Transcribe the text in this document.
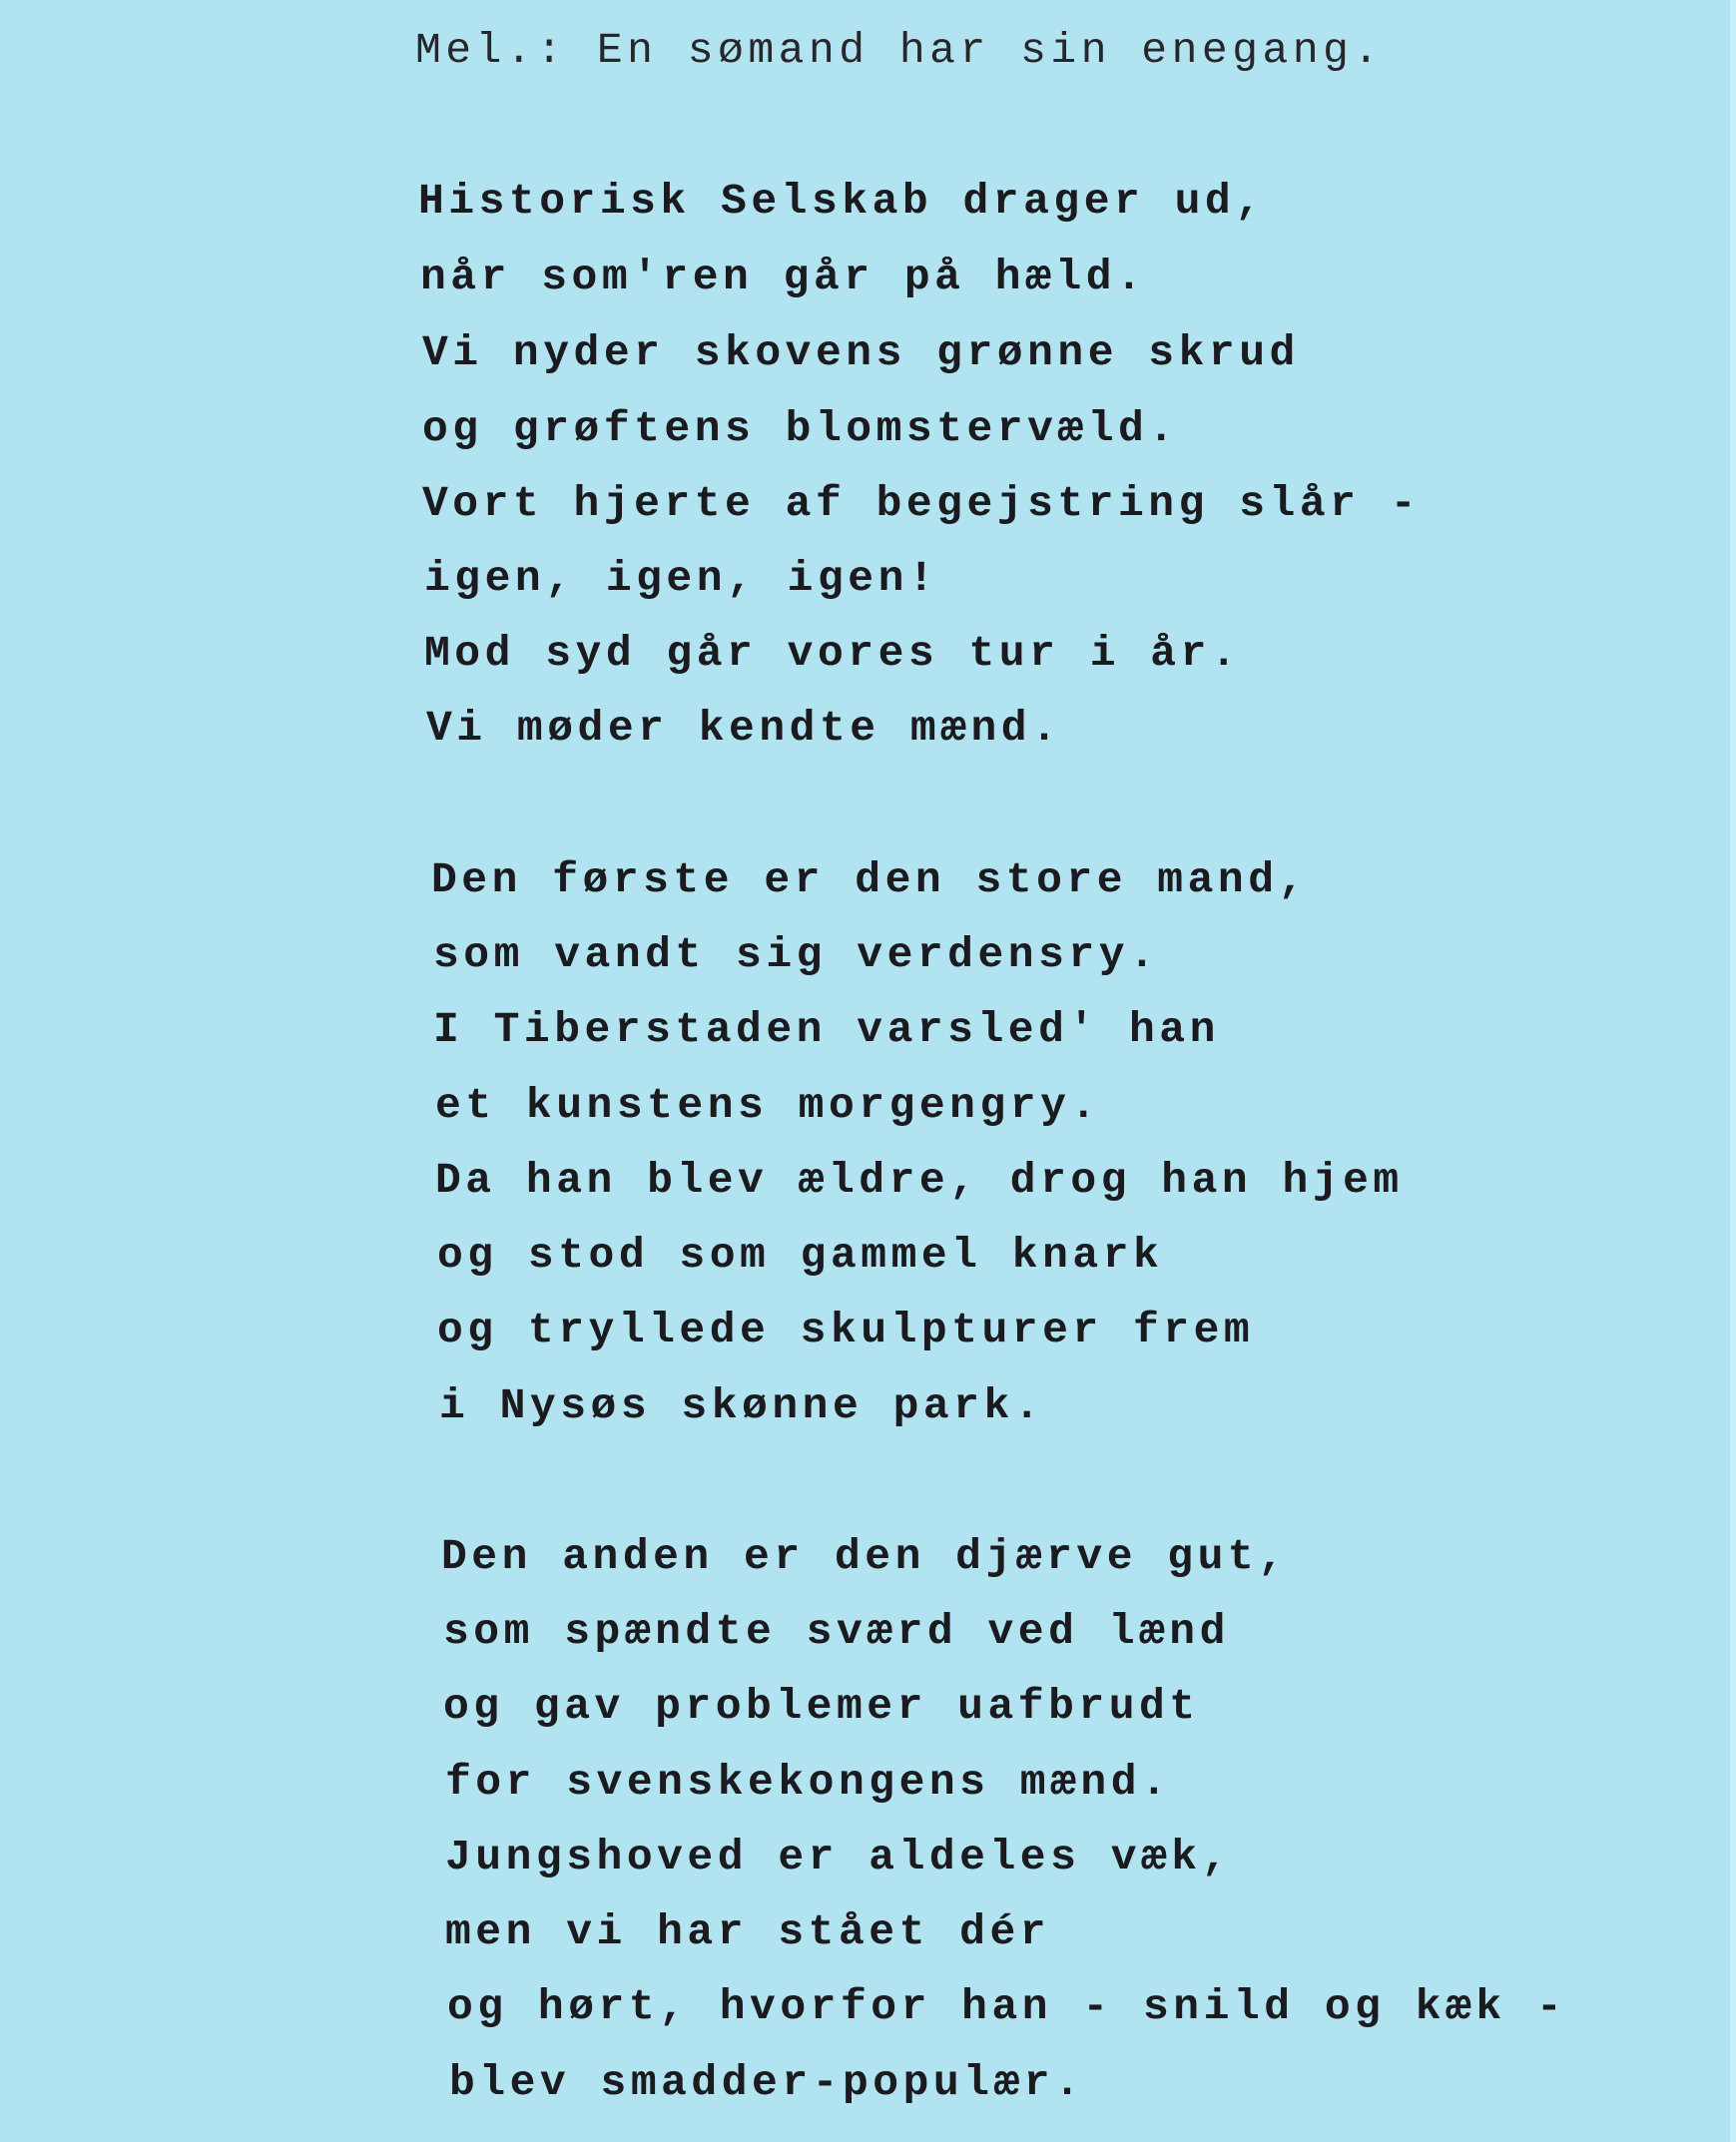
Mel.: En sømand har sin enegang.

Historisk Selskab drager ud,

når som'ren går på hæld.

Vi nyder skovens grønne skrud

og grøftens blomstervæld.

Vort hjerte af begejstring slår -

igen, igen, igen!

Mod syd går vores tur i år.

Vi møder kendte mænd.

Den første er den store mand,

som vandt sig verdensry.

I Tiberstaden varsled' han

et kunstens morgengry.

Da han blev ældre, drog han hjem

og stod som gammel knark

og tryllede skulpturer frem

i Nysøs skønne park.

Den anden er den djærve gut,

som spændte sværd ved lænd

og gav problemer uafbrudt

for svenskekongens mænd.

Jungshoved er aldeles væk,

men vi har stået dér

og hørt, hvorfor han - snild og kæk -

blev smadder-populær.
